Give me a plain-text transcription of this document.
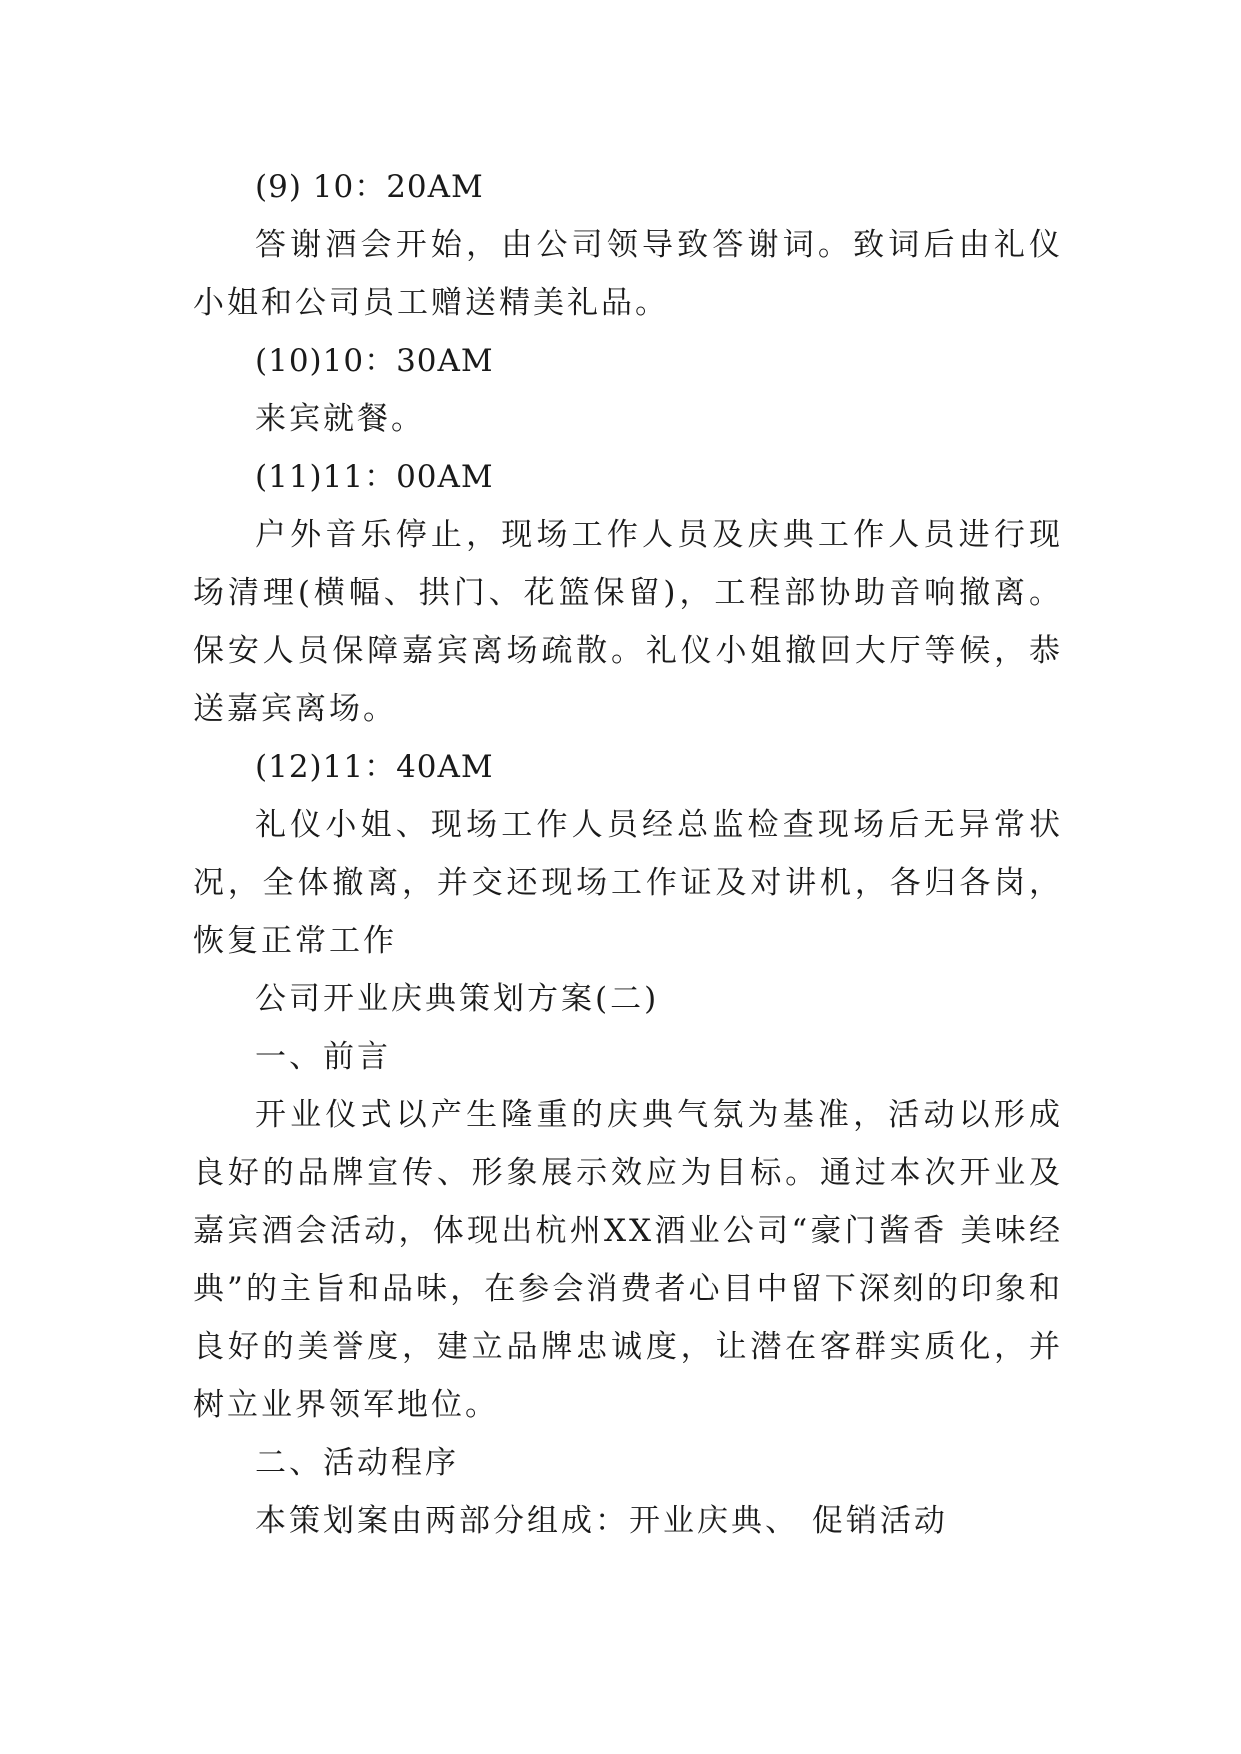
(9) 10：20AM

答谢酒会开始，由公司领导致答谢词。致词后由礼仪小姐和公司员工赠送精美礼品。

(10)10：30AM

来宾就餐。

(11)11：00AM

户外音乐停止，现场工作人员及庆典工作人员进行现场清理(横幅、拱门、花篮保留)，工程部协助音响撤离。保安人员保障嘉宾离场疏散。礼仪小姐撤回大厅等候，恭送嘉宾离场。

(12)11：40AM

礼仪小姐、现场工作人员经总监检查现场后无异常状况，全体撤离，并交还现场工作证及对讲机，各归各岗，恢复正常工作

公司开业庆典策划方案(二)

一、前言

开业仪式以产生隆重的庆典气氛为基准，活动以形成良好的品牌宣传、形象展示效应为目标。通过本次开业及嘉宾酒会活动，体现出杭州XX酒业公司“豪门酱香 美味经典”的主旨和品味，在参会消费者心目中留下深刻的印象和良好的美誉度，建立品牌忠诚度，让潜在客群实质化，并树立业界领军地位。

二、活动程序

本策划案由两部分组成：开业庆典、 促销活动
